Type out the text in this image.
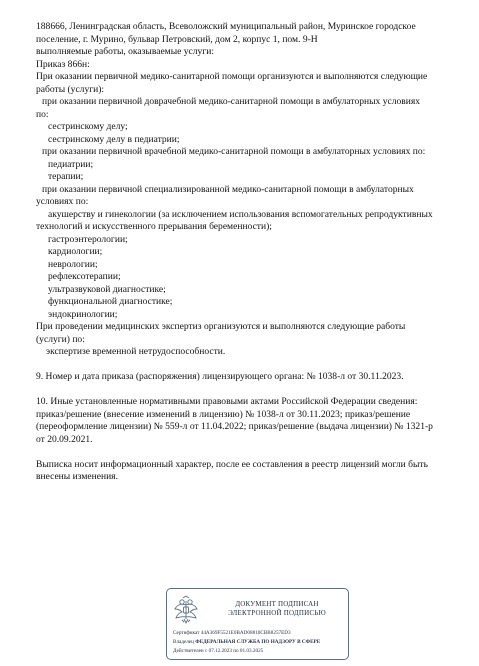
188666, Ленинградская область, Всеволожский муниципальный район, Муринское городское
поселение, г. Мурино, бульвар Петровский, дом 2, корпус 1, пом. 9-Н
выполняемые работы, оказываемые услуги:
Приказ 866н:
При оказании первичной медико-санитарной помощи организуются и выполняются следующие
работы (услуги):
при оказании первичной доврачебной медико-санитарной помощи в амбулаторных условиях
по:
сестринскому делу;
сестринскому делу в педиатрии;
при оказании первичной врачебной медико-санитарной помощи в амбулаторных условиях по:
педиатрии;
терапии;
при оказании первичной специализированной медико-санитарной помощи в амбулаторных
условиях по:
акушерству и гинекологии (за исключением использования вспомогательных репродуктивных
технологий и искусственного прерывания беременности);
гастроэнтерологии;
кардиологии;
неврологии;
рефлексотерапии;
ультразвуковой диагностике;
функциональной диагностике;
эндокринологии;
При проведении медицинских экспертиз организуются и выполняются следующие работы
(услуги) по:
экспертизе временной нетрудоспособности.
9. Номер и дата приказа (распоряжения) лицензирующего органа: № 1038-л от 30.11.2023.
10. Иные установленные нормативными правовыми актами Российской Федерации сведения:
приказ/решение (внесение изменений в лицензию) № 1038-л от 30.11.2023; приказ/решение
(переоформление лицензии) № 559-л от 11.04.2022; приказ/решение (выдача лицензии) № 1321-р
от 20.09.2021.
Выписка носит информационный характер, после ее составления в реестр лицензий могли быть
внесены изменения.
ДОКУМЕНТ ПОДПИСАН
ЭЛЕКТРОННОЙ ПОДПИСЬЮ
Сертификат 44A369F5521E0BAD08810CBB8257ED3
Владелец ФЕДЕРАЛЬНАЯ СЛУЖБА ПО НАДЗОРУ В СФЕРЕ
Действителен с 07.12.2023 по 01.03.2025
